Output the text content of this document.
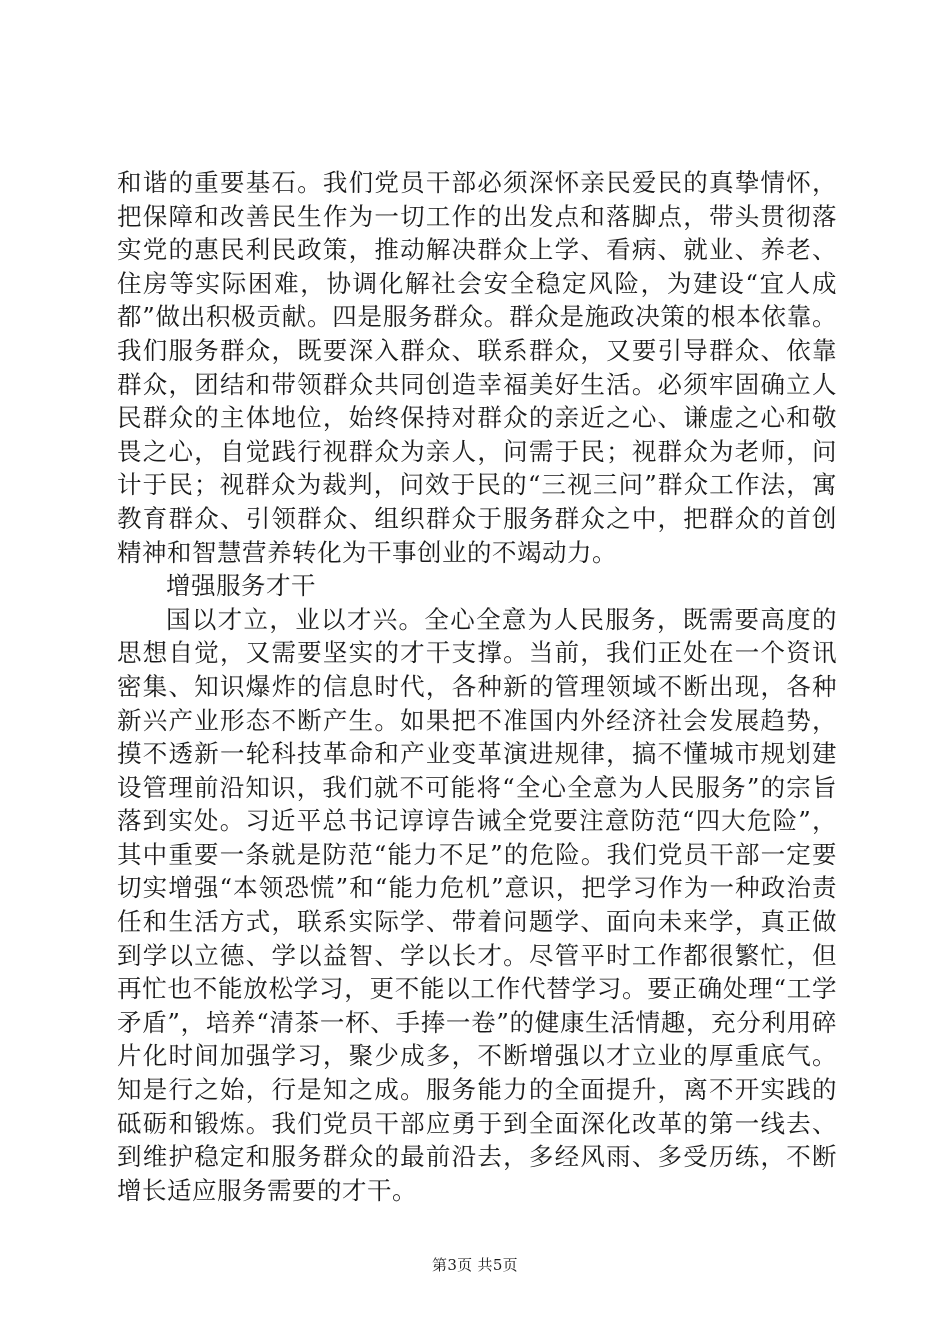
和谐的重要基石。我们党员干部必须深怀亲民爱民的真挚情怀，把保障和改善民生作为一切工作的出发点和落脚点，带头贯彻落实党的惠民利民政策，推动解决群众上学、看病、就业、养老、住房等实际困难，协调化解社会安全稳定风险，为建设“宜人成都”做出积极贡献。四是服务群众。群众是施政决策的根本依靠。我们服务群众，既要深入群众、联系群众，又要引导群众、依靠群众，团结和带领群众共同创造幸福美好生活。必须牢固确立人民群众的主体地位，始终保持对群众的亲近之心、谦虚之心和敬畏之心，自觉践行视群众为亲人，问需于民；视群众为老师，问计于民；视群众为裁判，问效于民的“三视三问”群众工作法，寓教育群众、引领群众、组织群众于服务群众之中，把群众的首创精神和智慧营养转化为干事创业的不竭动力。

增强服务才干

国以才立，业以才兴。全心全意为人民服务，既需要高度的思想自觉，又需要坚实的才干支撑。当前，我们正处在一个资讯密集、知识爆炸的信息时代，各种新的管理领域不断出现，各种新兴产业形态不断产生。如果把不准国内外经济社会发展趋势，摸不透新一轮科技革命和产业变革演进规律，搞不懂城市规划建设管理前沿知识，我们就不可能将“全心全意为人民服务”的宗旨落到实处。习近平总书记谆谆告诫全党要注意防范“四大危险”，其中重要一条就是防范“能力不足”的危险。我们党员干部一定要切实增强“本领恐慌”和“能力危机”意识，把学习作为一种政治责任和生活方式，联系实际学、带着问题学、面向未来学，真正做到学以立德、学以益智、学以长才。尽管平时工作都很繁忙，但再忙也不能放松学习，更不能以工作代替学习。要正确处理“工学矛盾”，培养“清茶一杯、手捧一卷”的健康生活情趣，充分利用碎片化时间加强学习，聚少成多，不断增强以才立业的厚重底气。知是行之始，行是知之成。服务能力的全面提升，离不开实践的砥砺和锻炼。我们党员干部应勇于到全面深化改革的第一线去、到维护稳定和服务群众的最前沿去，多经风雨、多受历练，不断增长适应服务需要的才干。

第3页 共5页
